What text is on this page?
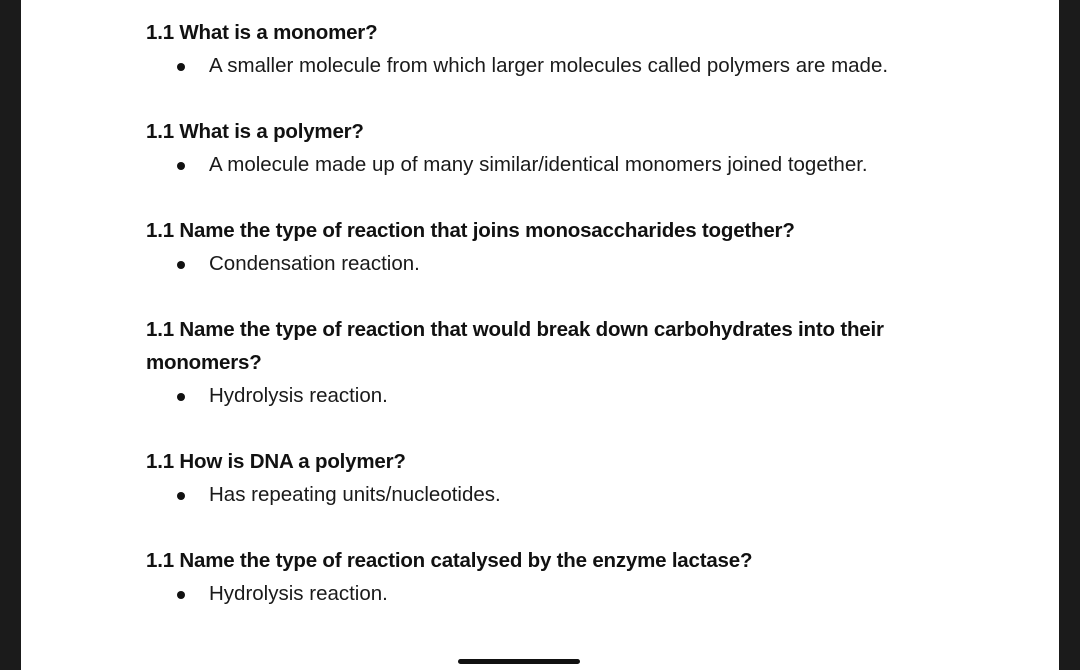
1.1 What is a monomer?
A smaller molecule from which larger molecules called polymers are made.
1.1 What is a polymer?
A molecule made up of many similar/identical monomers joined together.
1.1 Name the type of reaction that joins monosaccharides together?
Condensation reaction.
1.1 Name the type of reaction that would break down carbohydrates into their monomers?
Hydrolysis reaction.
1.1 How is DNA a polymer?
Has repeating units/nucleotides.
1.1 Name the type of reaction catalysed by the enzyme lactase?
Hydrolysis reaction.
